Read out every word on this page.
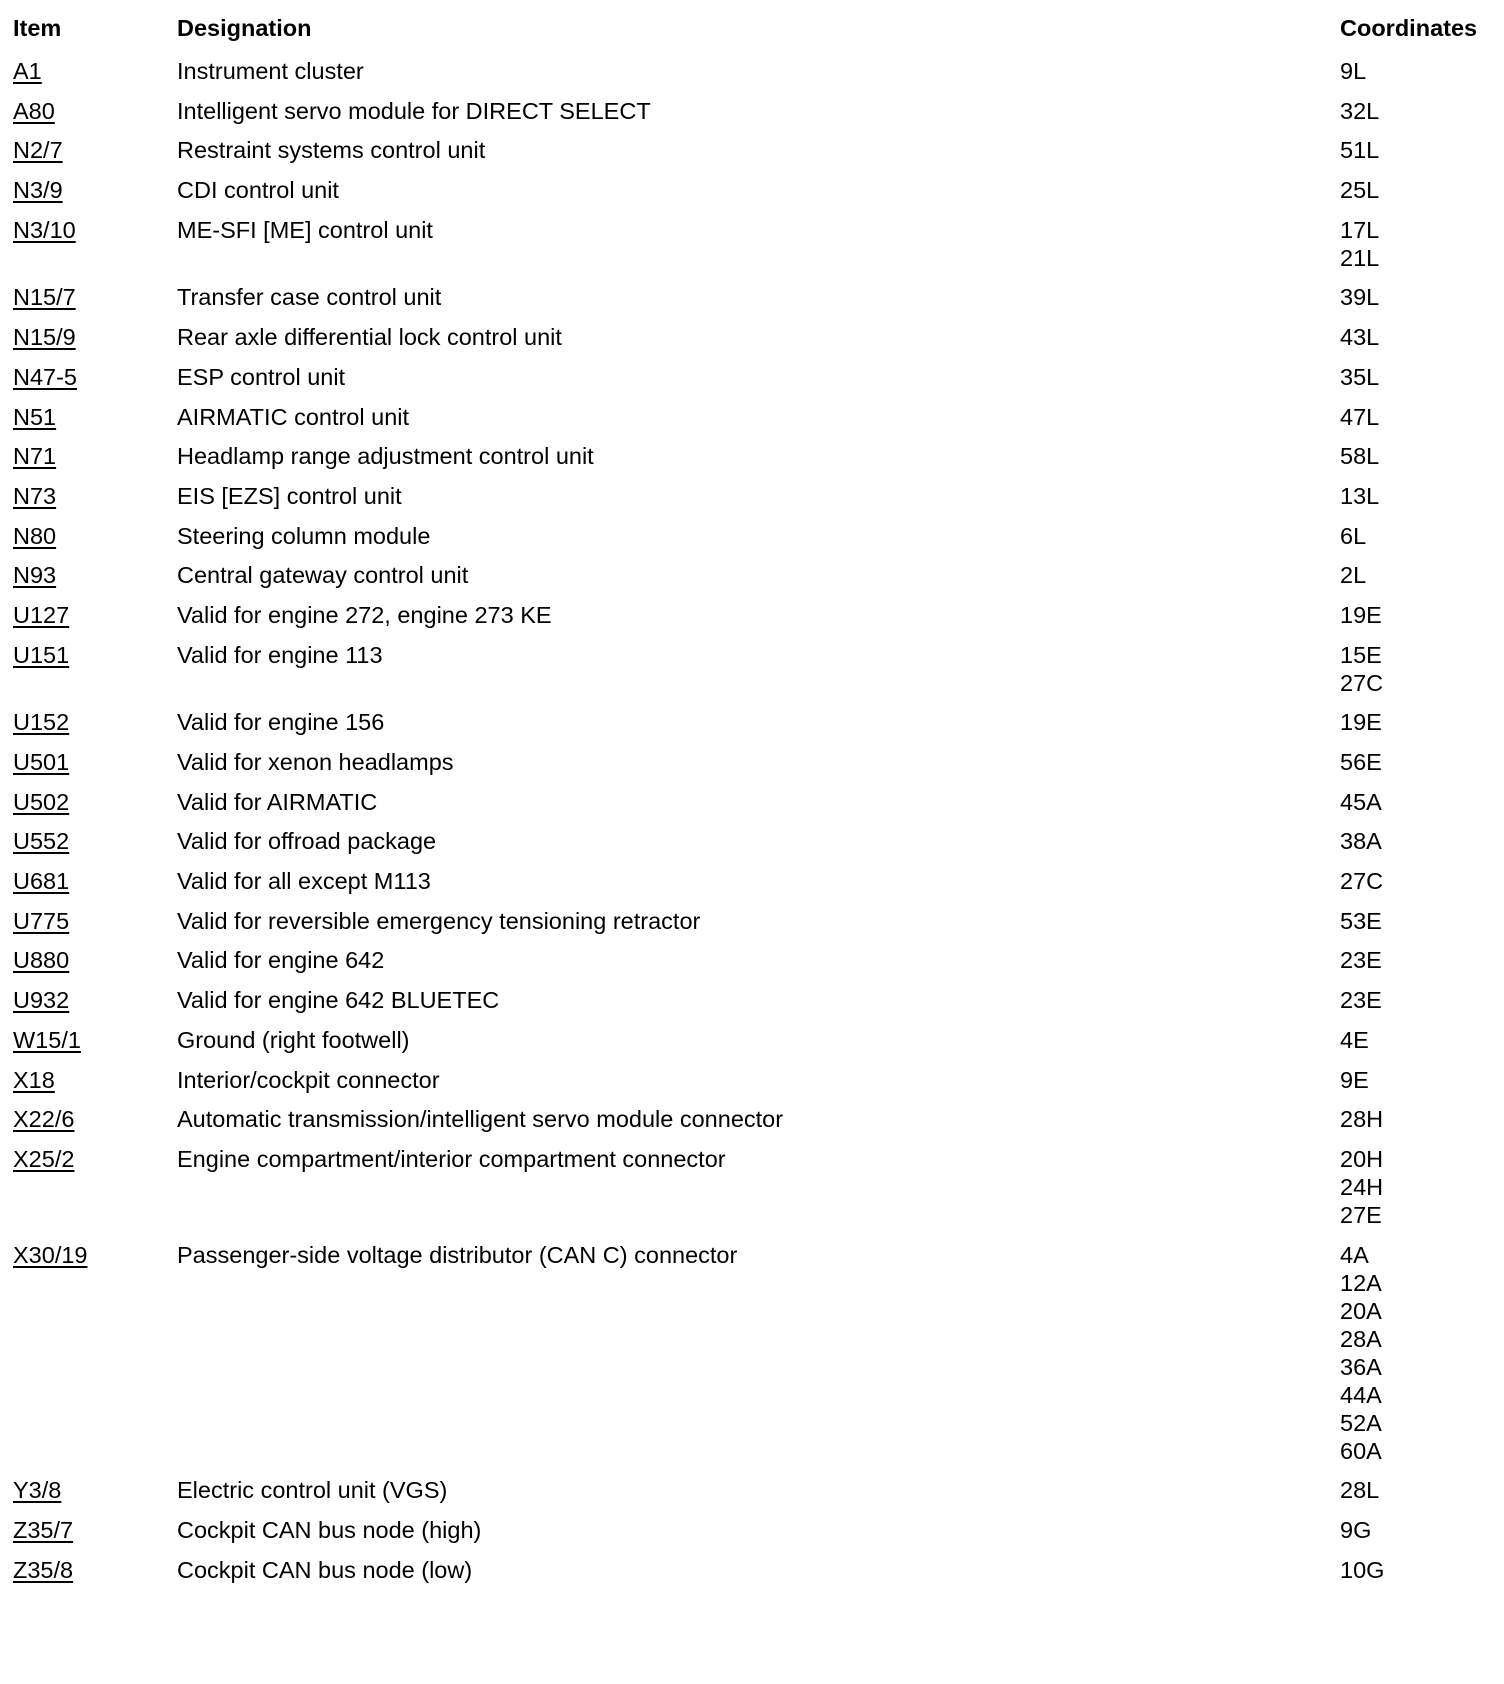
Item	Designation	Coordinates
A1	Instrument cluster	9L
A80	Intelligent servo module for DIRECT SELECT	32L
N2/7	Restraint systems control unit	51L
N3/9	CDI control unit	25L
N3/10	ME-SFI [ME] control unit	17L
21L
N15/7	Transfer case control unit	39L
N15/9	Rear axle differential lock control unit	43L
N47-5	ESP control unit	35L
N51	AIRMATIC control unit	47L
N71	Headlamp range adjustment control unit	58L
N73	EIS [EZS] control unit	13L
N80	Steering column module	6L
N93	Central gateway control unit	2L
U127	Valid for engine 272, engine 273 KE	19E
U151	Valid for engine 113	15E
27C
U152	Valid for engine 156	19E
U501	Valid for xenon headlamps	56E
U502	Valid for AIRMATIC	45A
U552	Valid for offroad package	38A
U681	Valid for all except M113	27C
U775	Valid for reversible emergency tensioning retractor	53E
U880	Valid for engine 642	23E
U932	Valid for engine 642 BLUETEC	23E
W15/1	Ground (right footwell)	4E
X18	Interior/cockpit connector	9E
X22/6	Automatic transmission/intelligent servo module connector	28H
X25/2	Engine compartment/interior compartment connector	20H
24H
27E
X30/19	Passenger-side voltage distributor (CAN C) connector	4A
12A
20A
28A
36A
44A
52A
60A
Y3/8	Electric control unit (VGS)	28L
Z35/7	Cockpit CAN bus node (high)	9G
Z35/8	Cockpit CAN bus node (low)	10G
